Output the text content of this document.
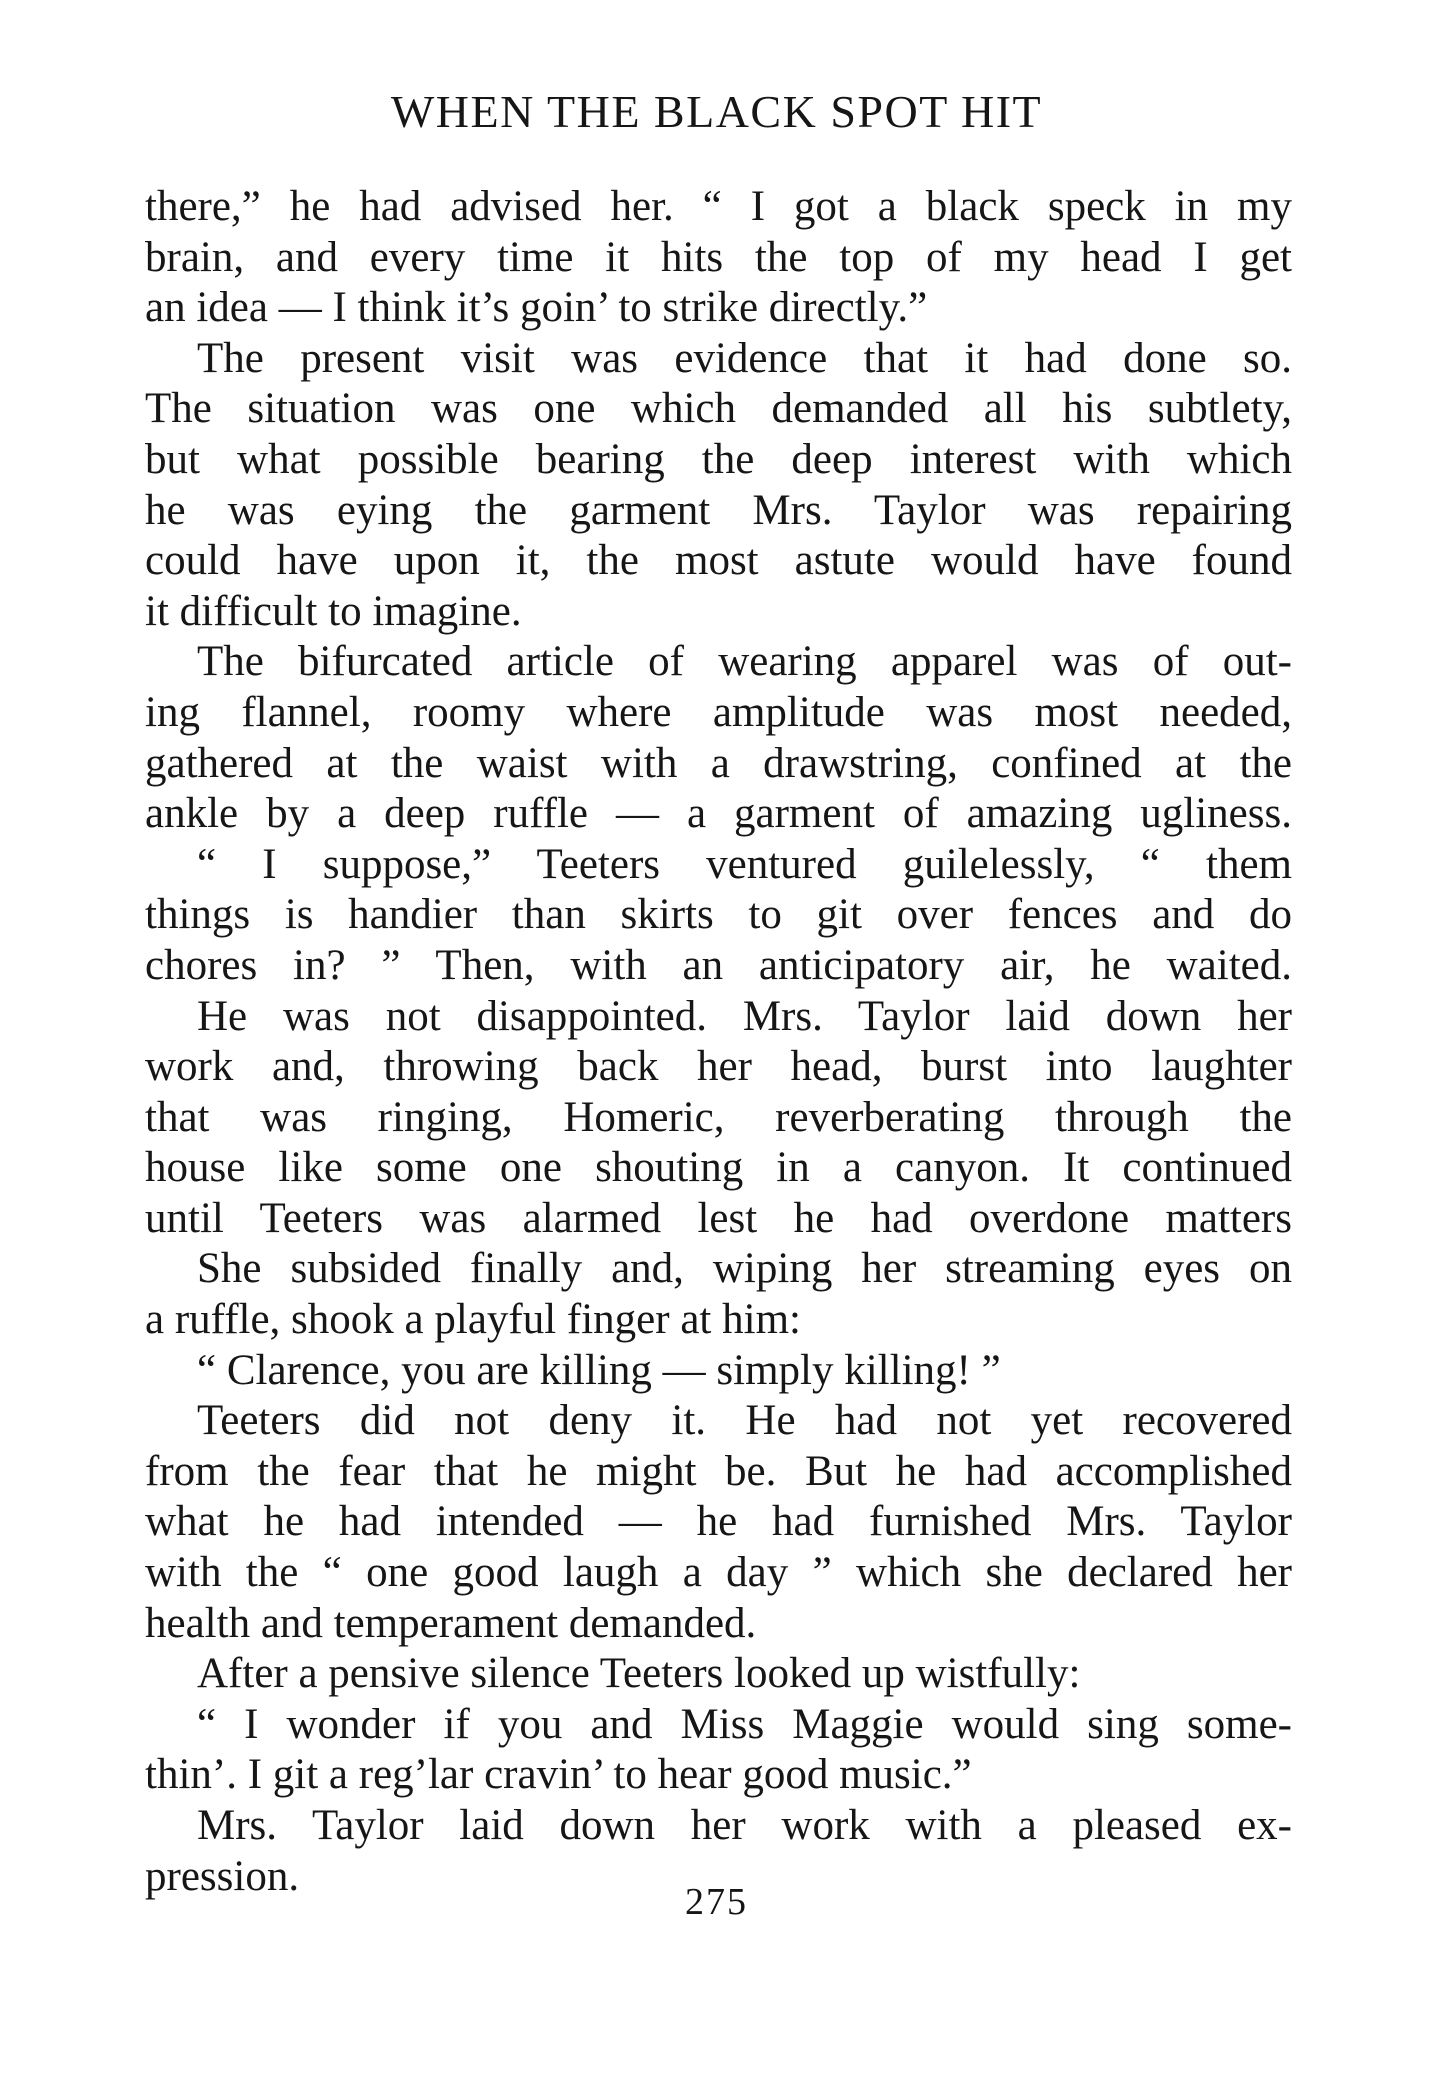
WHEN THE BLACK SPOT HIT
there,” he had advised her. “ I got a black speck in my
brain, and every time it hits the top of my head I get
an idea — I think it’s goin’ to strike directly.”
The present visit was evidence that it had done so.
The situation was one which demanded all his subtlety,
but what possible bearing the deep interest with which
he was eying the garment Mrs. Taylor was repairing
could have upon it, the most astute would have found
it difficult to imagine.
The bifurcated article of wearing apparel was of out-
ing flannel, roomy where amplitude was most needed,
gathered at the waist with a drawstring, confined at the
ankle by a deep ruffle — a garment of amazing ugliness.
“ I suppose,” Teeters ventured guilelessly, “ them
things is handier than skirts to git over fences and do
chores in? ” Then, with an anticipatory air, he waited.
He was not disappointed. Mrs. Taylor laid down her
work and, throwing back her head, burst into laughter
that was ringing, Homeric, reverberating through the
house like some one shouting in a canyon. It continued
until Teeters was alarmed lest he had overdone matters
She subsided finally and, wiping her streaming eyes on
a ruffle, shook a playful finger at him:
“ Clarence, you are killing — simply killing! ”
Teeters did not deny it. He had not yet recovered
from the fear that he might be. But he had accomplished
what he had intended — he had furnished Mrs. Taylor
with the “ one good laugh a day ” which she declared her
health and temperament demanded.
After a pensive silence Teeters looked up wistfully:
“ I wonder if you and Miss Maggie would sing some-
thin’. I git a reg’lar cravin’ to hear good music.”
Mrs. Taylor laid down her work with a pleased ex-
pression.
275
